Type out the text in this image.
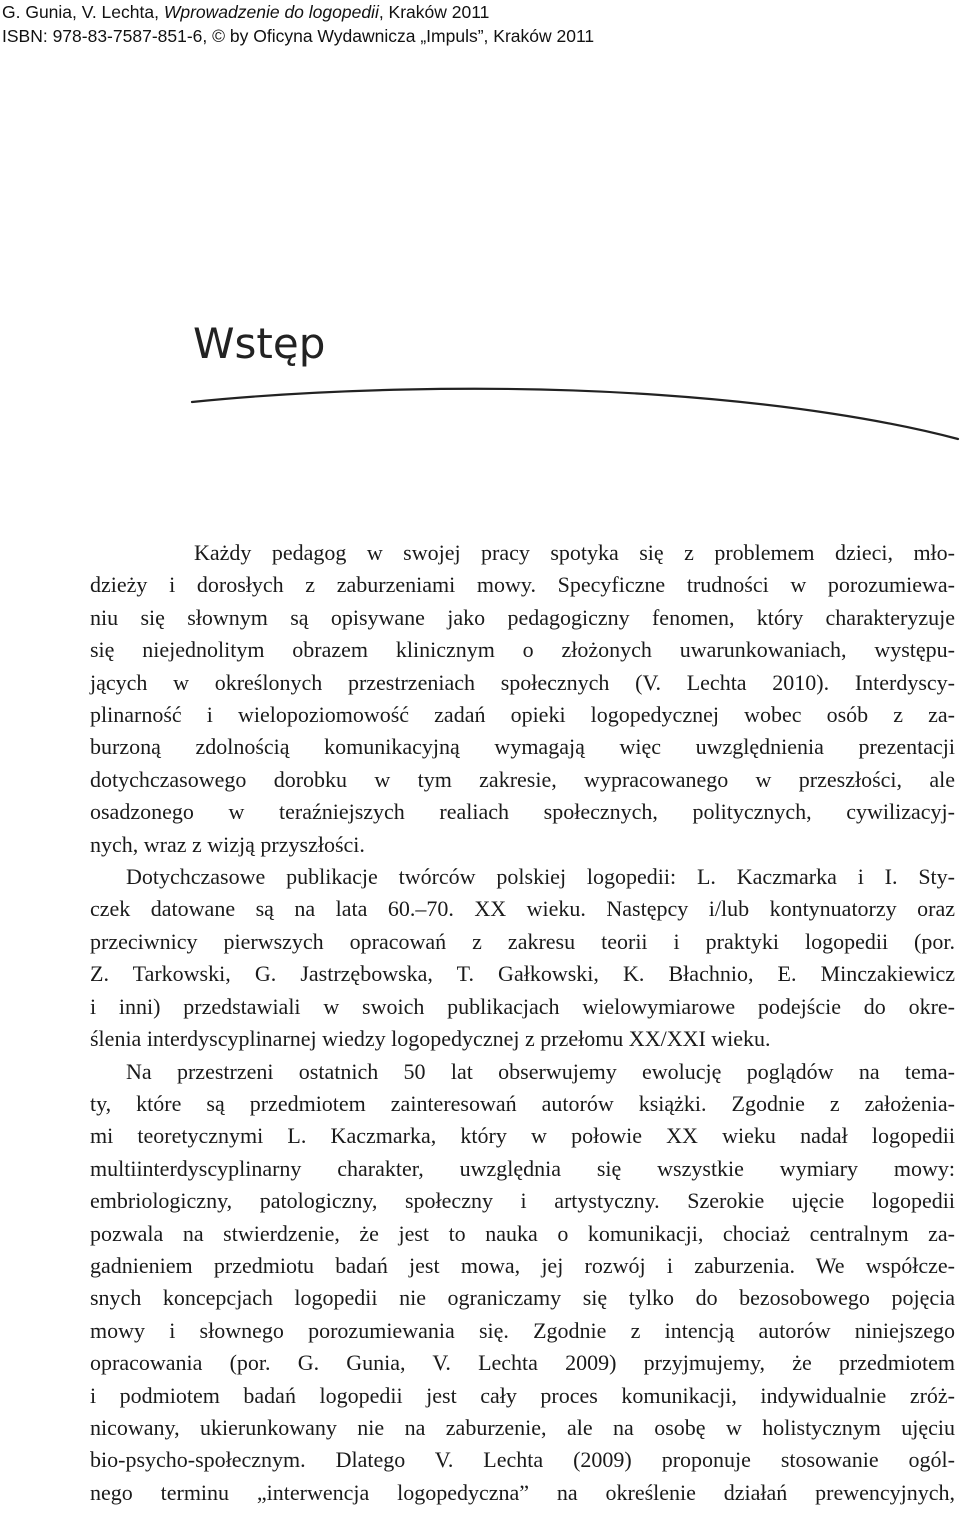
G. Gunia, V. Lechta, Wprowadzenie do logopedii, Kraków 2011
ISBN: 978-83-7587-851-6, © by Oficyna Wydawnicza „Impuls”, Kraków 2011
Wstęp
Każdy pedagog w swojej pracy spotyka się z problemem dzieci, mło-
dzieży i dorosłych z zaburzeniami mowy. Specyficzne trudności w porozumiewa-
niu się słownym są opisywane jako pedagogiczny fenomen, który charakteryzuje
się niejednolitym obrazem klinicznym o złożonych uwarunkowaniach, występu-
jących w określonych przestrzeniach społecznych (V. Lechta 2010). Interdyscy-
plinarność i wielopoziomowość zadań opieki logopedycznej wobec osób z za-
burzoną zdolnością komunikacyjną wymagają więc uwzględnienia prezentacji
dotychczasowego dorobku w tym zakresie, wypracowanego w przeszłości, ale
osadzonego w teraźniejszych realiach społecznych, politycznych, cywilizacyj-
nych, wraz z wizją przyszłości.
Dotychczasowe publikacje twórców polskiej logopedii: L. Kaczmarka i I. Sty-
czek datowane są na lata 60.–70. XX wieku. Następcy i/lub kontynuatorzy oraz
przeciwnicy pierwszych opracowań z zakresu teorii i praktyki logopedii (por.
Z. Tarkowski, G. Jastrzębowska, T. Gałkowski, K. Błachnio, E. Minczakiewicz
i inni) przedstawiali w swoich publikacjach wielowymiarowe podejście do okre-
ślenia interdyscyplinarnej wiedzy logopedycznej z przełomu XX/XXI wieku.
Na przestrzeni ostatnich 50 lat obserwujemy ewolucję poglądów na tema-
ty, które są przedmiotem zainteresowań autorów książki. Zgodnie z założenia-
mi teoretycznymi L. Kaczmarka, który w połowie XX wieku nadał logopedii
multiinterdyscyplinarny charakter, uwzględnia się wszystkie wymiary mowy:
embriologiczny, patologiczny, społeczny i artystyczny. Szerokie ujęcie logopedii
pozwala na stwierdzenie, że jest to nauka o komunikacji, chociaż centralnym za-
gadnieniem przedmiotu badań jest mowa, jej rozwój i zaburzenia. We współcze-
snych koncepcjach logopedii nie ograniczamy się tylko do bezosobowego pojęcia
mowy i słownego porozumiewania się. Zgodnie z intencją autorów niniejszego
opracowania (por. G. Gunia, V. Lechta 2009) przyjmujemy, że przedmiotem
i podmiotem badań logopedii jest cały proces komunikacji, indywidualnie zróż-
nicowany, ukierunkowany nie na zaburzenie, ale na osobę w holistycznym ujęciu
bio-psycho-społecznym. Dlatego V. Lechta (2009) proponuje stosowanie ogól-
nego terminu „interwencja logopedyczna” na określenie działań prewencyjnych,
